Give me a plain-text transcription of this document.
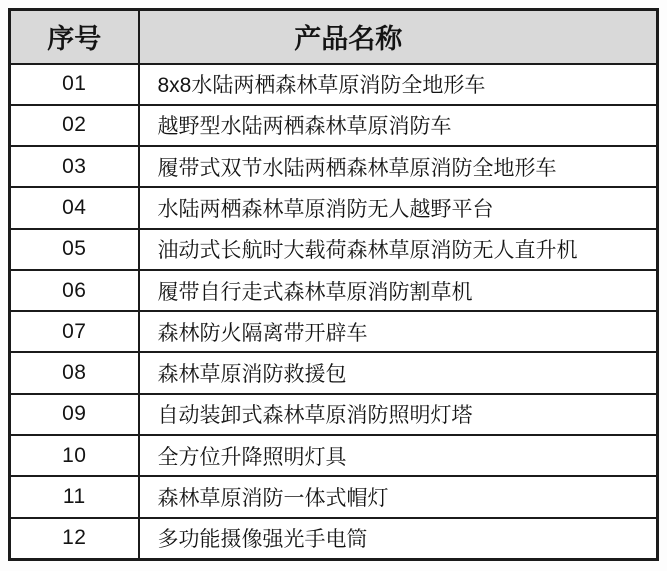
序号	产品名称
01	8x8水陆两栖森林草原消防全地形车
02	越野型水陆两栖森林草原消防车
03	履带式双节水陆两栖森林草原消防全地形车
04	水陆两栖森林草原消防无人越野平台
05	油动式长航时大载荷森林草原消防无人直升机
06	履带自行走式森林草原消防割草机
07	森林防火隔离带开辟车
08	森林草原消防救援包
09	自动装卸式森林草原消防照明灯塔
10	全方位升降照明灯具
11	森林草原消防一体式帽灯
12	多功能摄像强光手电筒
